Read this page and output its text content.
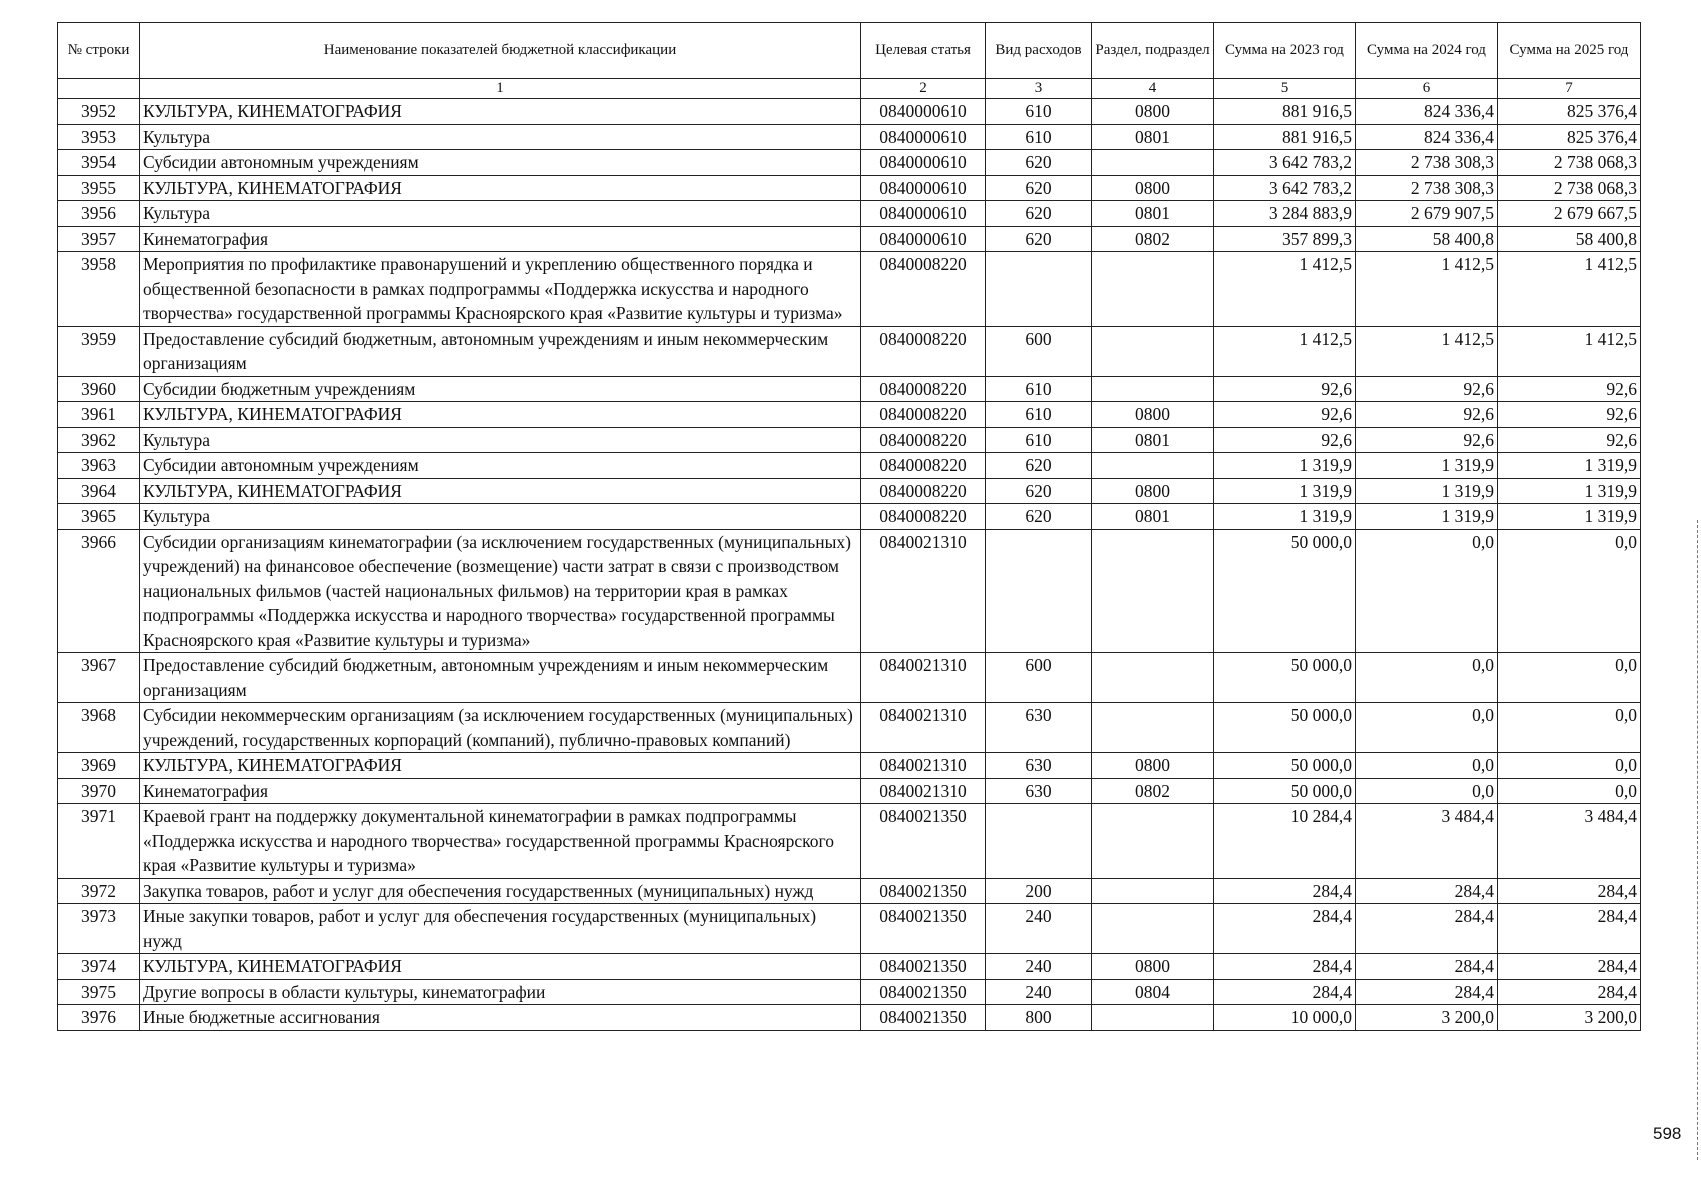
№ строки	Наименование показателей бюджетной классификации	Целевая статья	Вид расходов	Раздел, подраздел	Сумма на 2023 год	Сумма на 2024 год	Сумма на 2025 год
	1	2	3	4	5	6	7
3952	КУЛЬТУРА, КИНЕМАТОГРАФИЯ	0840000610	610	0800	881 916,5	824 336,4	825 376,4
3953	Культура	0840000610	610	0801	881 916,5	824 336,4	825 376,4
3954	Субсидии автономным учреждениям	0840000610	620		3 642 783,2	2 738 308,3	2 738 068,3
3955	КУЛЬТУРА, КИНЕМАТОГРАФИЯ	0840000610	620	0800	3 642 783,2	2 738 308,3	2 738 068,3
3956	Культура	0840000610	620	0801	3 284 883,9	2 679 907,5	2 679 667,5
3957	Кинематография	0840000610	620	0802	357 899,3	58 400,8	58 400,8
3958	Мероприятия по профилактике правонарушений и укреплению общественного порядка и общественной безопасности в рамках подпрограммы «Поддержка искусства и народного творчества» государственной программы Красноярского края «Развитие культуры и туризма»	0840008220			1 412,5	1 412,5	1 412,5
3959	Предоставление субсидий бюджетным, автономным учреждениям и иным некоммерческим организациям	0840008220	600		1 412,5	1 412,5	1 412,5
3960	Субсидии бюджетным учреждениям	0840008220	610		92,6	92,6	92,6
3961	КУЛЬТУРА, КИНЕМАТОГРАФИЯ	0840008220	610	0800	92,6	92,6	92,6
3962	Культура	0840008220	610	0801	92,6	92,6	92,6
3963	Субсидии автономным учреждениям	0840008220	620		1 319,9	1 319,9	1 319,9
3964	КУЛЬТУРА, КИНЕМАТОГРАФИЯ	0840008220	620	0800	1 319,9	1 319,9	1 319,9
3965	Культура	0840008220	620	0801	1 319,9	1 319,9	1 319,9
3966	Субсидии организациям кинематографии (за исключением государственных (муниципальных) учреждений) на финансовое обеспечение (возмещение) части затрат в связи с производством национальных фильмов (частей национальных фильмов) на территории края в рамках подпрограммы «Поддержка искусства и народного творчества» государственной программы Красноярского края «Развитие культуры и туризма»	0840021310			50 000,0	0,0	0,0
3967	Предоставление субсидий бюджетным, автономным учреждениям и иным некоммерческим организациям	0840021310	600		50 000,0	0,0	0,0
3968	Субсидии некоммерческим организациям (за исключением государственных (муниципальных) учреждений, государственных корпораций (компаний), публично-правовых компаний)	0840021310	630		50 000,0	0,0	0,0
3969	КУЛЬТУРА, КИНЕМАТОГРАФИЯ	0840021310	630	0800	50 000,0	0,0	0,0
3970	Кинематография	0840021310	630	0802	50 000,0	0,0	0,0
3971	Краевой грант на поддержку документальной кинематографии в рамках подпрограммы «Поддержка искусства и народного творчества» государственной программы Красноярского края «Развитие культуры и туризма»	0840021350			10 284,4	3 484,4	3 484,4
3972	Закупка товаров, работ и услуг для обеспечения государственных (муниципальных) нужд	0840021350	200		284,4	284,4	284,4
3973	Иные закупки товаров, работ и услуг для обеспечения государственных (муниципальных) нужд	0840021350	240		284,4	284,4	284,4
3974	КУЛЬТУРА, КИНЕМАТОГРАФИЯ	0840021350	240	0800	284,4	284,4	284,4
3975	Другие вопросы в области культуры, кинематографии	0840021350	240	0804	284,4	284,4	284,4
3976	Иные бюджетные ассигнования	0840021350	800		10 000,0	3 200,0	3 200,0
598
